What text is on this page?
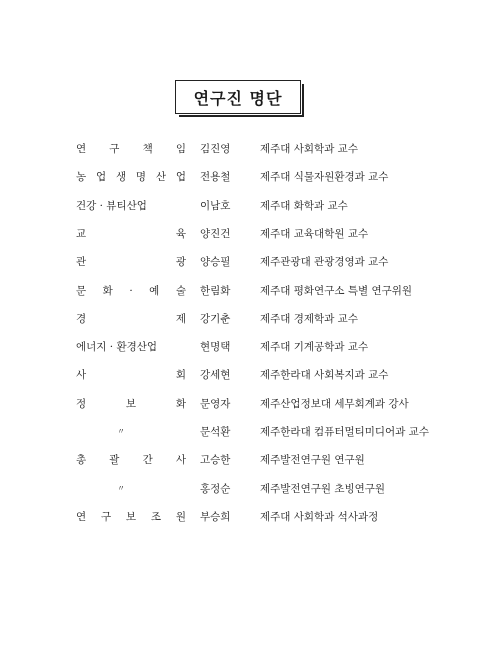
연구진 명단
연 구 책 임 김진영	제주대 사회학과 교수
농 업 생 명 산 업 전용철	제주대 식물자원환경과 교수
건강 · 뷰티산업	이남호	제주대 화학과 교수
교	육 양진건	제주대 교육대학원 교수
관	광 양승필	제주관광대 관광경영과 교수
문 화 · 예 술 한림화	제주대 평화연구소 특별 연구위원
경	제 강기춘	제주대 경제학과 교수
에너지 · 환경산업	현명택	제주대 기계공학과 교수
사	회 강세현	제주한라대 사회복지과 교수
정	보	화 문영자	제주산업정보대 세무회계과 강사
〃	문석환	제주한라대 컴퓨터멀티미디어과 교수
총 괄 간 사 고승한	제주발전연구원 연구원
〃	홍정순	제주발전연구원 초빙연구원
연 구 보 조 원 부승희	제주대 사회학과 석사과정
